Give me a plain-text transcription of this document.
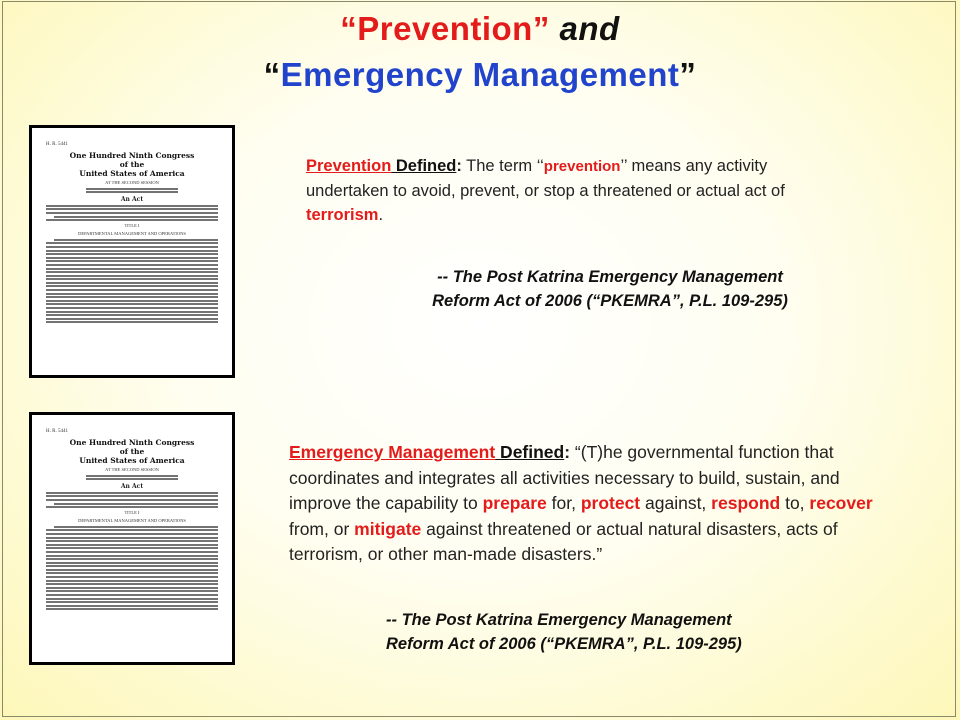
“Prevention” and
“Emergency Management”
H. R. 5441
One Hundred Ninth Congress
of the
United States of America
AT THE SECOND SESSION
An Act
TITLE I
DEPARTMENTAL MANAGEMENT AND OPERATIONS
H. R. 5441
One Hundred Ninth Congress
of the
United States of America
AT THE SECOND SESSION
An Act
TITLE I
DEPARTMENTAL MANAGEMENT AND OPERATIONS
Prevention Defined: The term ‘‘prevention’’ means any activity undertaken to avoid, prevent, or stop a threatened or actual act of terrorism.
-- The Post Katrina Emergency Management
Reform Act of 2006 (“PKEMRA”, P.L. 109-295)
Emergency Management Defined: “(T)he governmental function that coordinates and integrates all activities necessary to build, sustain, and improve the capability to prepare for, protect against, respond to, recover from, or mitigate against threatened or actual natural disasters, acts of terrorism, or other man-made disasters.”
-- The Post Katrina Emergency Management
Reform Act of 2006 (“PKEMRA”, P.L. 109-295)
